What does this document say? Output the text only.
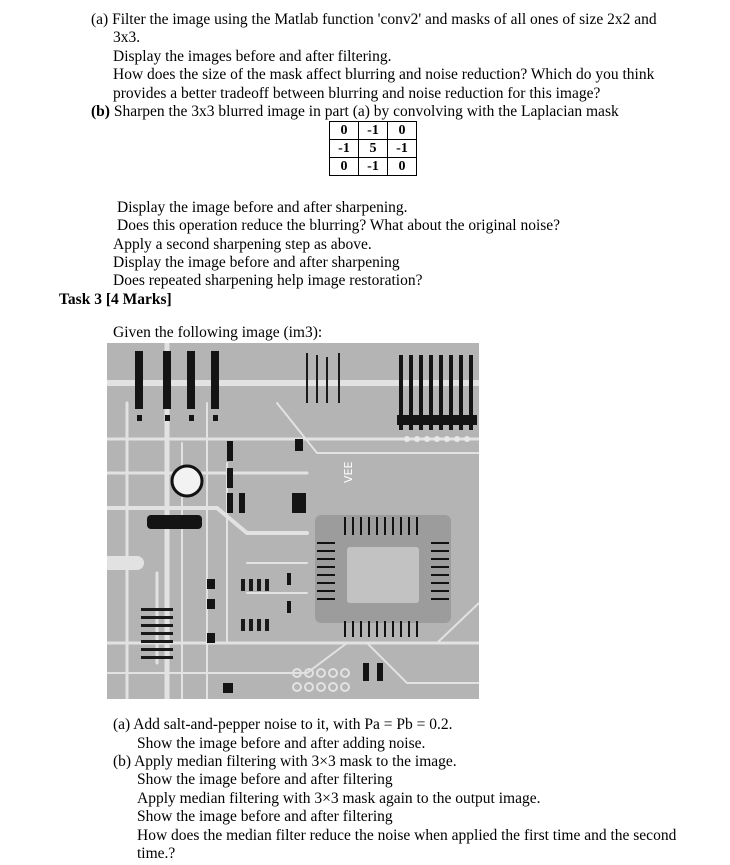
(a) Filter the image using the Matlab function 'conv2' and masks of all ones of size 2x2 and
3x3.
Display the images before and after filtering.
How does the size of the mask affect blurring and noise reduction? Which do you think
provides a better tradeoff between blurring and noise reduction for this image?
(b) Sharpen the 3x3 blurred image in part (a) by convolving with the Laplacian mask
0	-1	0
-1	5	-1
0	-1	0
Display the image before and after sharpening.
Does this operation reduce the blurring? What about the original noise?
Apply a second sharpening step as above.
Display the image before and after sharpening
Does repeated sharpening help image restoration?
Task 3 [4 Marks]
Given the following image (im3):
VEE
(a) Add salt-and-pepper noise to it, with Pa = Pb = 0.2.
Show the image before and after adding noise.
(b) Apply median filtering with 3×3 mask to the image.
Show the image before and after filtering
Apply median filtering with 3×3 mask again to the output image.
Show the image before and after filtering
How does the median filter reduce the noise when applied the first time and the second
time.?
